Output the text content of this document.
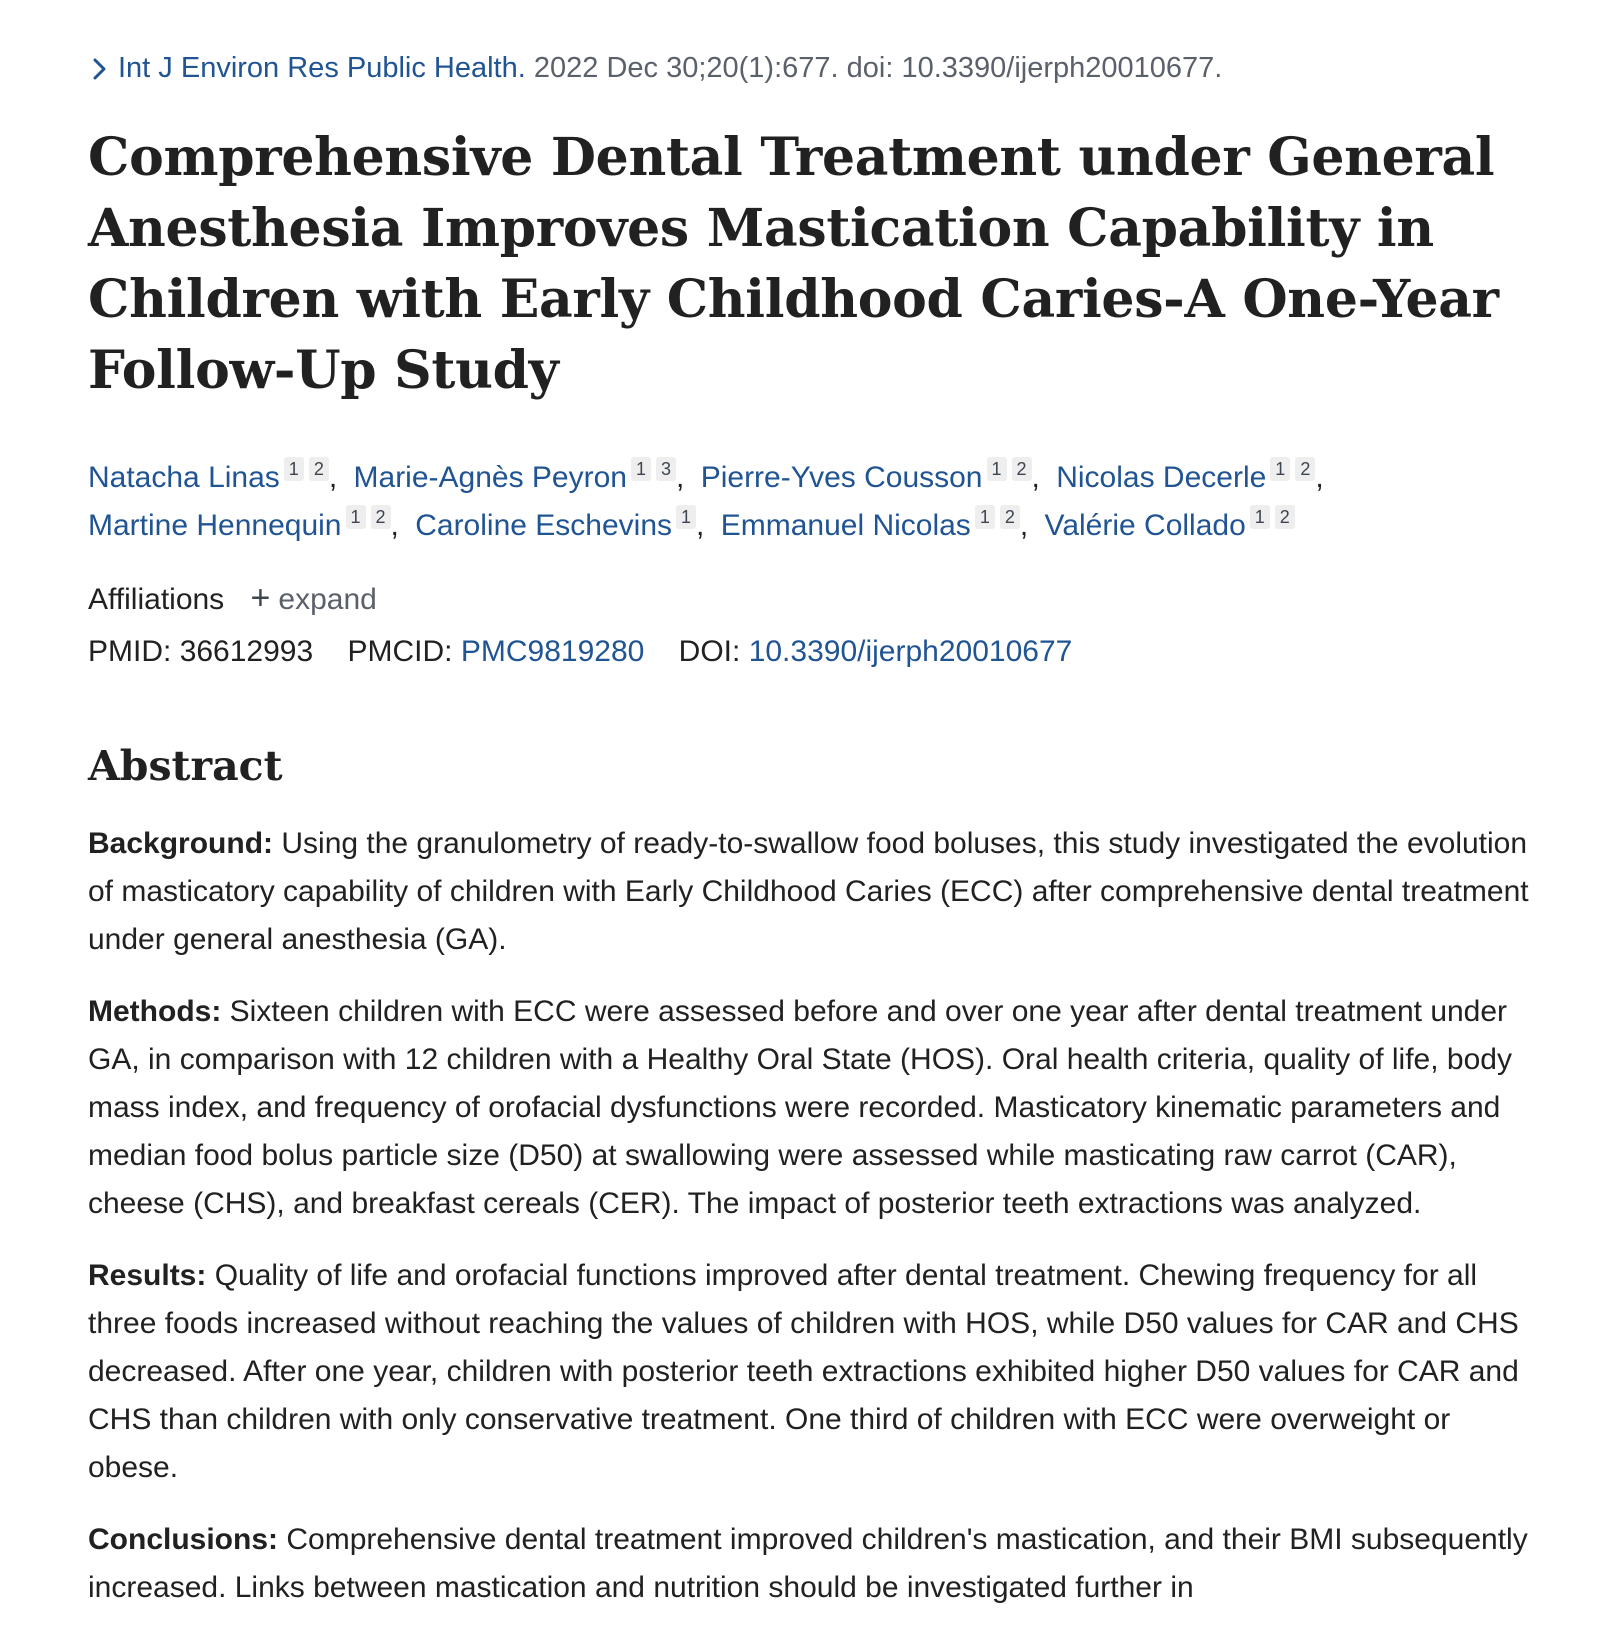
Int J Environ Res Public Health. 2022 Dec 30;20(1):677. doi: 10.3390/ijerph20010677.
Comprehensive Dental Treatment under General Anesthesia Improves Mastication Capability in Children with Early Childhood Caries-A One-Year Follow-Up Study
Natacha Linas 1 2 , Marie-Agnès Peyron 1 3 , Pierre-Yves Cousson 1 2 , Nicolas Decerle 1 2 ,
Martine Hennequin 1 2 , Caroline Eschevins 1 , Emmanuel Nicolas 1 2 , Valérie Collado 1 2
Affiliations + expand
PMID: 36612993 PMCID: PMC9819280 DOI: 10.3390/ijerph20010677
Abstract

Background: Using the granulometry of ready-to-swallow food boluses, this study investigated the evolution of masticatory capability of children with Early Childhood Caries (ECC) after comprehensive dental treatment under general anesthesia (GA).

Methods: Sixteen children with ECC were assessed before and over one year after dental treatment under GA, in comparison with 12 children with a Healthy Oral State (HOS). Oral health criteria, quality of life, body mass index, and frequency of orofacial dysfunctions were recorded. Masticatory kinematic parameters and median food bolus particle size (D50) at swallowing were assessed while masticating raw carrot (CAR), cheese (CHS), and breakfast cereals (CER). The impact of posterior teeth extractions was analyzed.

Results: Quality of life and orofacial functions improved after dental treatment. Chewing frequency for all three foods increased without reaching the values of children with HOS, while D50 values for CAR and CHS decreased. After one year, children with posterior teeth extractions exhibited higher D50 values for CAR and CHS than children with only conservative treatment. One third of children with ECC were overweight or obese.

Conclusions: Comprehensive dental treatment improved children's mastication, and their BMI subsequently increased. Links between mastication and nutrition should be investigated further in
